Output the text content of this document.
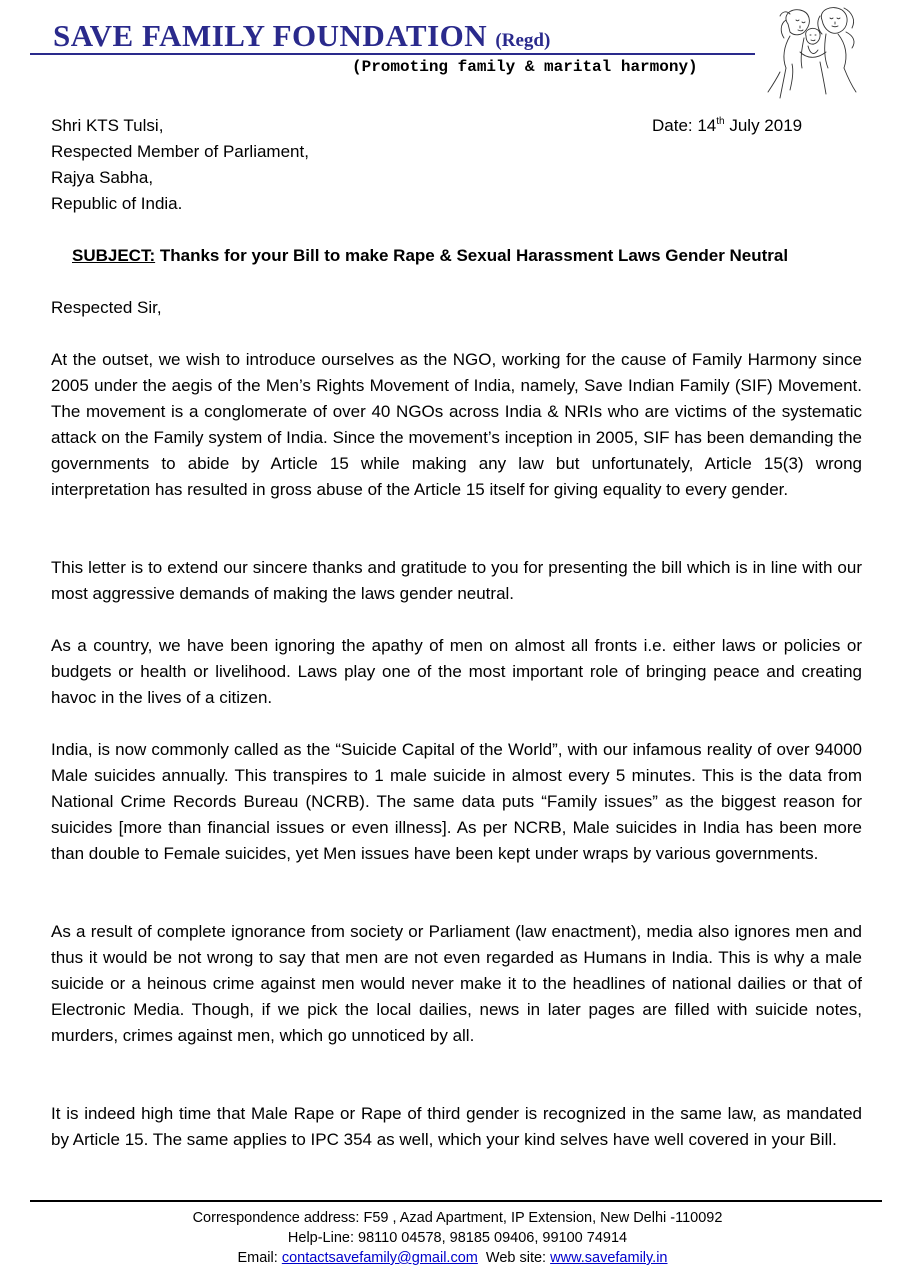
SAVE FAMILY FOUNDATION (Regd)
(Promoting family & marital harmony)
Shri KTS Tulsi,
Respected Member of Parliament,
Rajya Sabha,
Republic of India.
Date: 14th July 2019
SUBJECT: Thanks for your Bill to make Rape & Sexual Harassment Laws Gender Neutral
Respected Sir,

At the outset, we wish to introduce ourselves as the NGO, working for the cause of Family Harmony since 2005 under the aegis of the Men’s Rights Movement of India, namely, Save Indian Family (SIF) Movement. The movement is a conglomerate of over 40 NGOs across India & NRIs who are victims of the systematic attack on the Family system of India. Since the movement’s inception in 2005, SIF has been demanding the governments to abide by Article 15 while making any law but unfortunately, Article 15(3) wrong interpretation has resulted in gross abuse of the Article 15 itself for giving equality to every gender.

This letter is to extend our sincere thanks and gratitude to you for presenting the bill which is in line with our most aggressive demands of making the laws gender neutral.

As a country, we have been ignoring the apathy of men on almost all fronts i.e. either laws or policies or budgets or health or livelihood. Laws play one of the most important role of bringing peace and creating havoc in the lives of a citizen.

India, is now commonly called as the “Suicide Capital of the World”, with our infamous reality of over 94000 Male suicides annually. This transpires to 1 male suicide in almost every 5 minutes. This is the data from National Crime Records Bureau (NCRB). The same data puts “Family issues” as the biggest reason for suicides [more than financial issues or even illness]. As per NCRB, Male suicides in India has been more than double to Female suicides, yet Men issues have been kept under wraps by various governments.

As a result of complete ignorance from society or Parliament (law enactment), media also ignores men and thus it would be not wrong to say that men are not even regarded as Humans in India. This is why a male suicide or a heinous crime against men would never make it to the headlines of national dailies or that of Electronic Media. Though, if we pick the local dailies, news in later pages are filled with suicide notes, murders, crimes against men, which go unnoticed by all.

It is indeed high time that Male Rape or Rape of third gender is recognized in the same law, as mandated by Article 15. The same applies to IPC 354 as well, which your kind selves have well covered in your Bill.

Correspondence address: F59 , Azad Apartment, IP Extension, New Delhi -110092
Help-Line: 98110 04578, 98185 09406, 99100 74914
Email: contactsavefamily@gmail.com  Web site: www.savefamily.in
